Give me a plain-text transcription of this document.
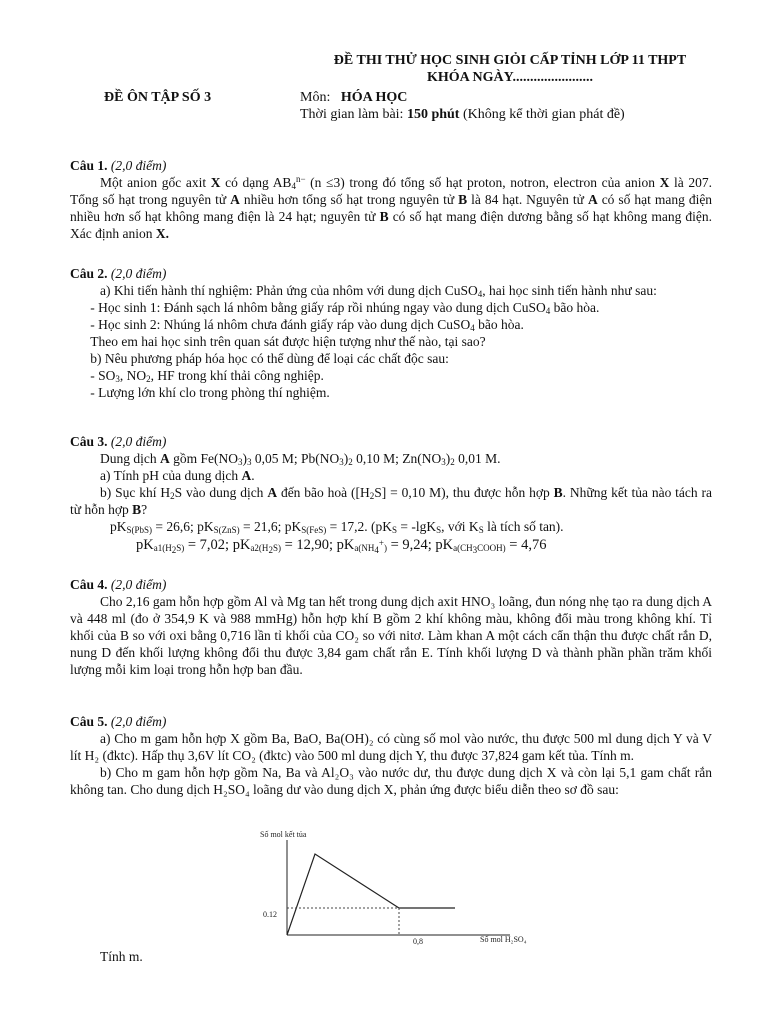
ĐỀ THI THỬ HỌC SINH GIỎI CẤP TỈNH LỚP 11 THPT
KHÓA NGÀY.......................
ĐỀ ÔN TẬP SỐ 3	Môn: HÓA HỌC
Thời gian làm bài: 150 phút (Không kể thời gian phát đề)

Câu 1. (2,0 điểm)

Một anion gốc axit X có dạng $AB_4^{n-}$ (n ≤3) trong đó tổng số hạt proton, notron, electron của anion X là 207. Tổng số hạt trong nguyên tử A nhiều hơn tổng số hạt trong nguyên tử B là 84 hạt. Nguyên tử A có số hạt mang điện nhiều hơn số hạt không mang điện là 24 hạt; nguyên tử B có số hạt mang điện dương bằng số hạt không mang điện. Xác định anion X.

Câu 2. (2,0 điểm)

a) Khi tiến hành thí nghiệm: Phản ứng của nhôm với dung dịch CuSO$_4$, hai học sinh tiến hành như sau:

- Học sinh 1: Đánh sạch lá nhôm bằng giấy ráp rồi nhúng ngay vào dung dịch CuSO$_4$ bão hòa.

- Học sinh 2: Nhúng lá nhôm chưa đánh giấy ráp vào dung dịch CuSO$_4$ bão hòa.

Theo em hai học sinh trên quan sát được hiện tượng như thế nào, tại sao?

b) Nêu phương pháp hóa học có thể dùng để loại các chất độc sau:

- $SO_3$, $NO_2$, HF trong khí thải công nghiệp.

- Lượng lớn khí clo trong phòng thí nghiệm.

Câu 3. (2,0 điểm)

Dung dịch A gồm $Fe(NO_3)_3$ 0,05 M; $Pb(NO_3)_2$ 0,10 M; $Zn(NO_3)_2$ 0,01 M.

a) Tính pH của dung dịch A.

b) Sục khí $H_2S$ vào dung dịch A đến bão hoà ($[H_2S] = 0,10$ M), thu được hỗn hợp B. Những kết tủa nào tách ra từ hỗn hợp B?

$pK_{S(PbS)} = 26,6$; $pK_{S(ZnS)} = 21,6$; $pK_{S(FeS)} = 17,2$. ($pK_S = -\lg K_S$, với $K_S$ là tích số tan).

$pK_{a1(H_2S)} = 7,02$; $pK_{a2(H_2S)} = 12,90$; $pK_{a(NH_4^+)} = 9,24$; $pK_{a(CH_3COOH)} = 4,76$

Câu 4. (2,0 điểm)

Cho 2,16 gam hỗn hợp gồm Al và Mg tan hết trong dung dịch axit HNO₃ loãng, đun nóng nhẹ tạo ra dung dịch A và 448 ml (đo ở 354,9 K và 988 mmHg) hỗn hợp khí B gồm 2 khí không màu, không đổi màu trong không khí. Tỉ khối của B so với oxi bằng 0,716 lần tỉ khối của CO₂ so với nitơ. Làm khan A một cách cẩn thận thu được chất rắn D, nung D đến khối lượng không đổi thu được 3,84 gam chất rắn E. Tính khối lượng D và thành phần phần trăm khối lượng mỗi kim loại trong hỗn hợp ban đầu.

Câu 5. (2,0 điểm)

a) Cho m gam hỗn hợp X gồm Ba, BaO, Ba(OH)₂ có cùng số mol vào nước, thu được 500 ml dung dịch Y và V lít H₂ (đktc). Hấp thụ 3,6V lít CO₂ (đktc) vào 500 ml dung dịch Y, thu được 37,824 gam kết tủa. Tính m.

b) Cho m gam hỗn hợp gồm Na, Ba và Al₂O₃ vào nước dư, thu được dung dịch X và còn lại 5,1 gam chất rắn không tan. Cho dung dịch H₂SO₄ loãng dư vào dung dịch X, phản ứng được biểu diễn theo sơ đồ sau:

Số mol kết tủa
0.12
0,8	Số mol H₂SO₄
Tính m.
